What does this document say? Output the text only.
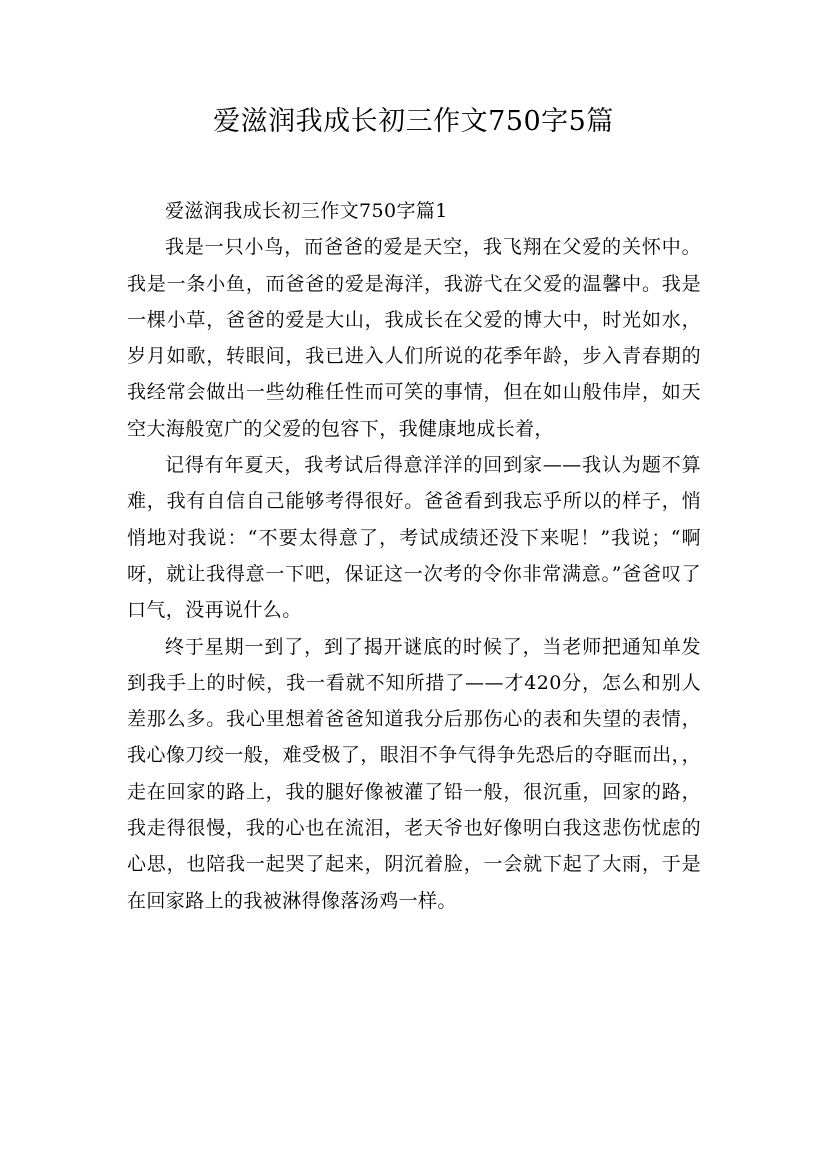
爱滋润我成长初三作文750字5篇
爱滋润我成长初三作文750字篇1

我是一只小鸟，而爸爸的爱是天空，我飞翔在父爱的关怀中。我是一条小鱼，而爸爸的爱是海洋，我游弋在父爱的温馨中。我是一棵小草，爸爸的爱是大山，我成长在父爱的博大中，时光如水，岁月如歌，转眼间，我已进入人们所说的花季年龄，步入青春期的我经常会做出一些幼稚任性而可笑的事情，但在如山般伟岸，如天空大海般宽广的父爱的包容下，我健康地成长着，

记得有年夏天，我考试后得意洋洋的回到家——我认为题不算难，我有自信自己能够考得很好。爸爸看到我忘乎所以的样子，悄悄地对我说：“不要太得意了，考试成绩还没下来呢！”我说；“啊呀，就让我得意一下吧，保证这一次考的令你非常满意。”爸爸叹了口气，没再说什么。

终于星期一到了，到了揭开谜底的时候了，当老师把通知单发到我手上的时候，我一看就不知所措了——才420分，怎么和别人差那么多。我心里想着爸爸知道我分后那伤心的表和失望的表情，我心像刀绞一般，难受极了，眼泪不争气得争先恐后的夺眶而出，，走在回家的路上，我的腿好像被灌了铅一般，很沉重，回家的路，我走得很慢，我的心也在流泪，老天爷也好像明白我这悲伤忧虑的心思，也陪我一起哭了起来，阴沉着脸，一会就下起了大雨，于是在回家路上的我被淋得像落汤鸡一样。
